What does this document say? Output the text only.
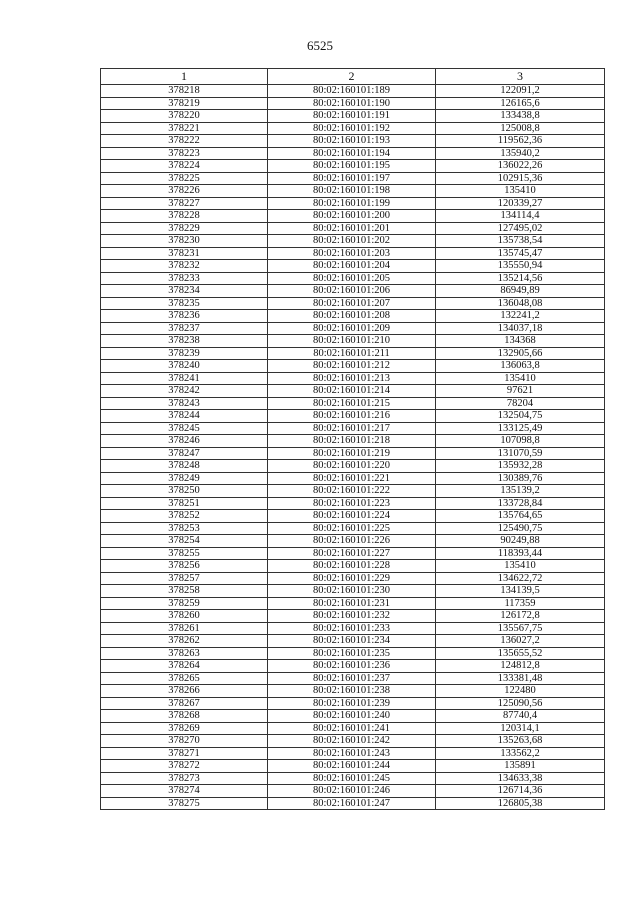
6525
1	2	3
378218	80:02:160101:189	122091,2
378219	80:02:160101:190	126165,6
378220	80:02:160101:191	133438,8
378221	80:02:160101:192	125008,8
378222	80:02:160101:193	119562,36
378223	80:02:160101:194	135940,2
378224	80:02:160101:195	136022,26
378225	80:02:160101:197	102915,36
378226	80:02:160101:198	135410
378227	80:02:160101:199	120339,27
378228	80:02:160101:200	134114,4
378229	80:02:160101:201	127495,02
378230	80:02:160101:202	135738,54
378231	80:02:160101:203	135745,47
378232	80:02:160101:204	135550,94
378233	80:02:160101:205	135214,56
378234	80:02:160101:206	86949,89
378235	80:02:160101:207	136048,08
378236	80:02:160101:208	132241,2
378237	80:02:160101:209	134037,18
378238	80:02:160101:210	134368
378239	80:02:160101:211	132905,66
378240	80:02:160101:212	136063,8
378241	80:02:160101:213	135410
378242	80:02:160101:214	97621
378243	80:02:160101:215	78204
378244	80:02:160101:216	132504,75
378245	80:02:160101:217	133125,49
378246	80:02:160101:218	107098,8
378247	80:02:160101:219	131070,59
378248	80:02:160101:220	135932,28
378249	80:02:160101:221	130389,76
378250	80:02:160101:222	135139,2
378251	80:02:160101:223	133728,84
378252	80:02:160101:224	135764,65
378253	80:02:160101:225	125490,75
378254	80:02:160101:226	90249,88
378255	80:02:160101:227	118393,44
378256	80:02:160101:228	135410
378257	80:02:160101:229	134622,72
378258	80:02:160101:230	134139,5
378259	80:02:160101:231	117359
378260	80:02:160101:232	126172,8
378261	80:02:160101:233	135567,75
378262	80:02:160101:234	136027,2
378263	80:02:160101:235	135655,52
378264	80:02:160101:236	124812,8
378265	80:02:160101:237	133381,48
378266	80:02:160101:238	122480
378267	80:02:160101:239	125090,56
378268	80:02:160101:240	87740,4
378269	80:02:160101:241	120314,1
378270	80:02:160101:242	135263,68
378271	80:02:160101:243	133562,2
378272	80:02:160101:244	135891
378273	80:02:160101:245	134633,38
378274	80:02:160101:246	126714,36
378275	80:02:160101:247	126805,38
